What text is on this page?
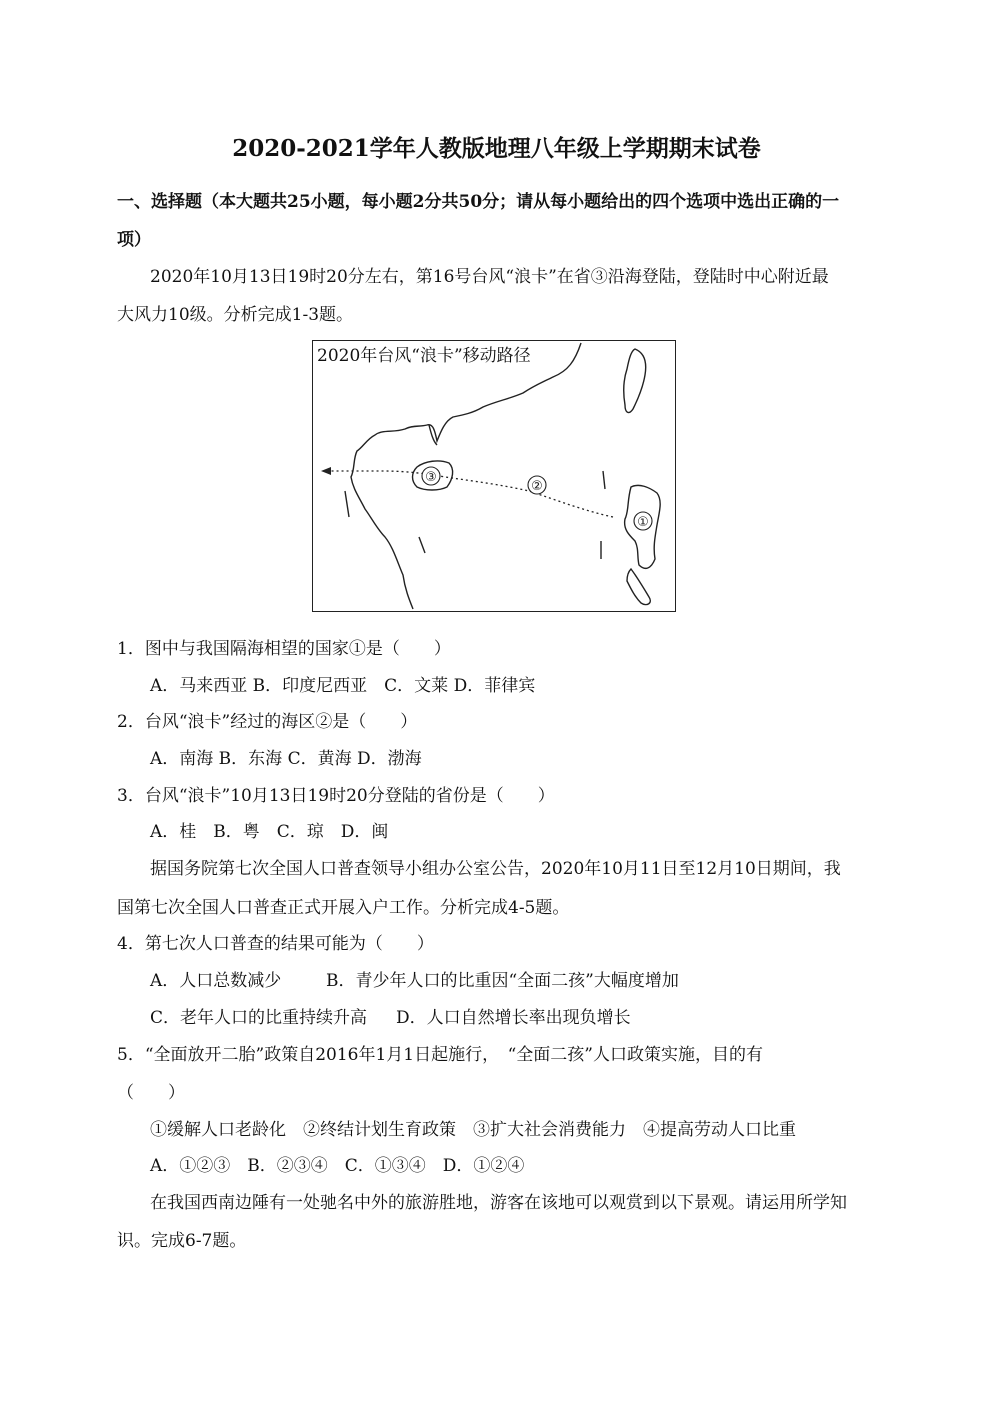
2020-2021学年人教版地理八年级上学期期末试卷
一、选择题（本大题共25小题，每小题2分共50分；请从每小题给出的四个选项中选出正确的一
项）
2020年10月13日19时20分左右，第16号台风“浪卡”在省③沿海登陆，登陆时中心附近最
大风力10级。分析完成1-3题。
③
②
①
2020年台风“浪卡”移动路径
1．图中与我国隔海相望的国家①是（　　）
A．马来西亚 B．印度尼西亚　C．文莱 D．菲律宾
2．台风“浪卡”经过的海区②是（　　）
A．南海 B．东海 C．黄海 D．渤海
3．台风“浪卡”10月13日19时20分登陆的省份是（　　）
A．桂　B．粤　C．琼　D．闽
据国务院第七次全国人口普查领导小组办公室公告，2020年10月11日至12月10日期间，我
国第七次全国人口普查正式开展入户工作。分析完成4-5题。
4．第七次人口普查的结果可能为（　　）
A．人口总数减少	B．青少年人口的比重因“全面二孩”大幅度增加
C．老年人口的比重持续升高 D．人口自然增长率出现负增长
5．“全面放开二胎”政策自2016年1月1日起施行，　“全面二孩”人口政策实施，目的有
（　　）
①缓解人口老龄化　②终结计划生育政策　③扩大社会消费能力　④提高劳动人口比重
A．①②③　B．②③④　C．①③④　D．①②④
在我国西南边陲有一处驰名中外的旅游胜地，游客在该地可以观赏到以下景观。请运用所学知
识。完成6-7题。
